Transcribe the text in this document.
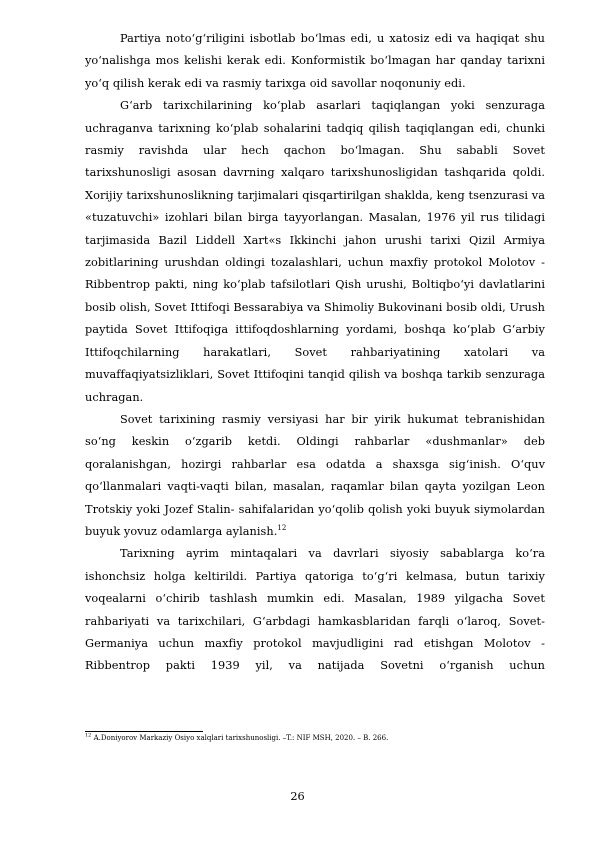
Partiya noto‘g‘riligini isbotlab bo‘lmas edi, u xatosiz edi va haqiqat shu yo‘nalishga mos kelishi kerak edi. Konformistik bo‘lmagan har qanday tarixni yo‘q qilish kerak edi va rasmiy tarixga oid savollar noqonuniy edi.

G‘arb tarixchilarining ko‘plab asarlari taqiqlangan yoki senzuraga uchraganva tarixning ko‘plab sohalarini tadqiq qilish taqiqlangan edi, chunki rasmiy ravishda ular hech qachon bo‘lmagan. Shu sababli Sovet tarixshunosligi asosan davrning xalqaro tarixshunosligidan tashqarida qoldi. Xorijiy tarixshunoslikning tarjimalari qisqartirilgan shaklda, keng tsenzurasi va «tuzatuvchi» izohlari bilan birga tayyorlangan. Masalan, 1976 yil rus tilidagi tarjimasida Bazil Liddell Xart«s Ikkinchi jahon urushi tarixi Qizil Armiya zobitlarining urushdan oldingi tozalashlari, uchun maxfiy protokol Molotov - Ribbentrop pakti, ning ko‘plab tafsilotlari Qish urushi, Boltiqbo‘yi davlatlarini bosib olish, Sovet Ittifoqi Bessarabiya va Shimoliy Bukovinani bosib oldi, Urush paytida Sovet Ittifoqiga ittifoqdoshlarning yordami, boshqa ko‘plab G‘arbiy Ittifoqchilarning harakatlari, Sovet rahbariyatining xatolari va muvaffaqiyatsizliklari, Sovet Ittifoqini tanqid qilish va boshqa tarkib senzuraga uchragan.

Sovet tarixining rasmiy versiyasi har bir yirik hukumat tebranishidan so‘ng keskin o‘zgarib ketdi. Oldingi rahbarlar «dushmanlar» deb qoralanishgan, hozirgi rahbarlar esa odatda a shaxsga sig‘inish. O‘quv qo‘llanmalari vaqti-vaqti bilan, masalan, raqamlar bilan qayta yozilgan Leon Trotskiy yoki Jozef Stalin- sahifalaridan yo‘qolib qolish yoki buyuk siymolardan buyuk yovuz odamlarga aylanish.$^{12}$

Tarixning ayrim mintaqalari va davrlari siyosiy sabablarga ko‘ra ishonchsiz holga keltirildi. Partiya qatoriga to‘g‘ri kelmasa, butun tarixiy voqealarni o‘chirib tashlash mumkin edi. Masalan, 1989 yilgacha Sovet rahbariyati va tarixchilari, G‘arbdagi hamkasblaridan farqli o‘laroq, Sovet-Germaniya uchun maxfiy protokol mavjudligini rad etishgan Molotov - Ribbentrop pakti 1939 yil, va natijada Sovetni o‘rganish uchun

$^{12}$ A.Doniyorov Markaziy Osiyo xalqlari tarixshunosligi. –T.: NIF MSH, 2020. – B. 266.
26
